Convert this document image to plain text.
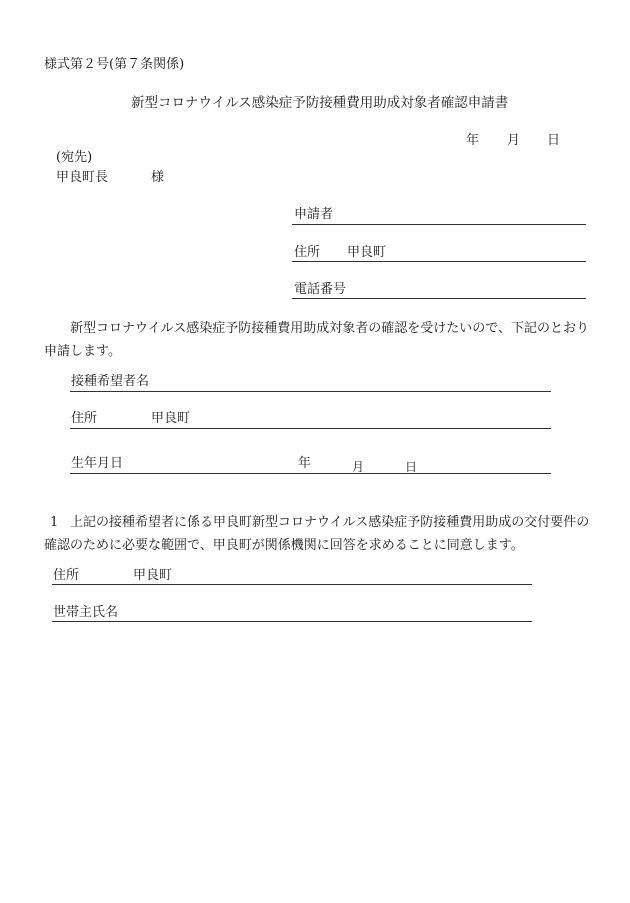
様式第２号(第７条関係)
新型コロナウイルス感染症予防接種費用助成対象者確認申請書
年 月 日
(宛先)
甲良町長	様
申請者
住所 甲良町
電話番号
新型コロナウイルス感染症予防接種費用助成対象者の確認を受けたいので、下記のとおり申請します。
接種希望者名
住所	甲良町
生年月日	年	月	日
1 上記の接種希望者に係る甲良町新型コロナウイルス感染症予防接種費用助成の交付要件の確認のために必要な範囲で、甲良町が関係機関に回答を求めることに同意します。
住所	甲良町
世帯主氏名
